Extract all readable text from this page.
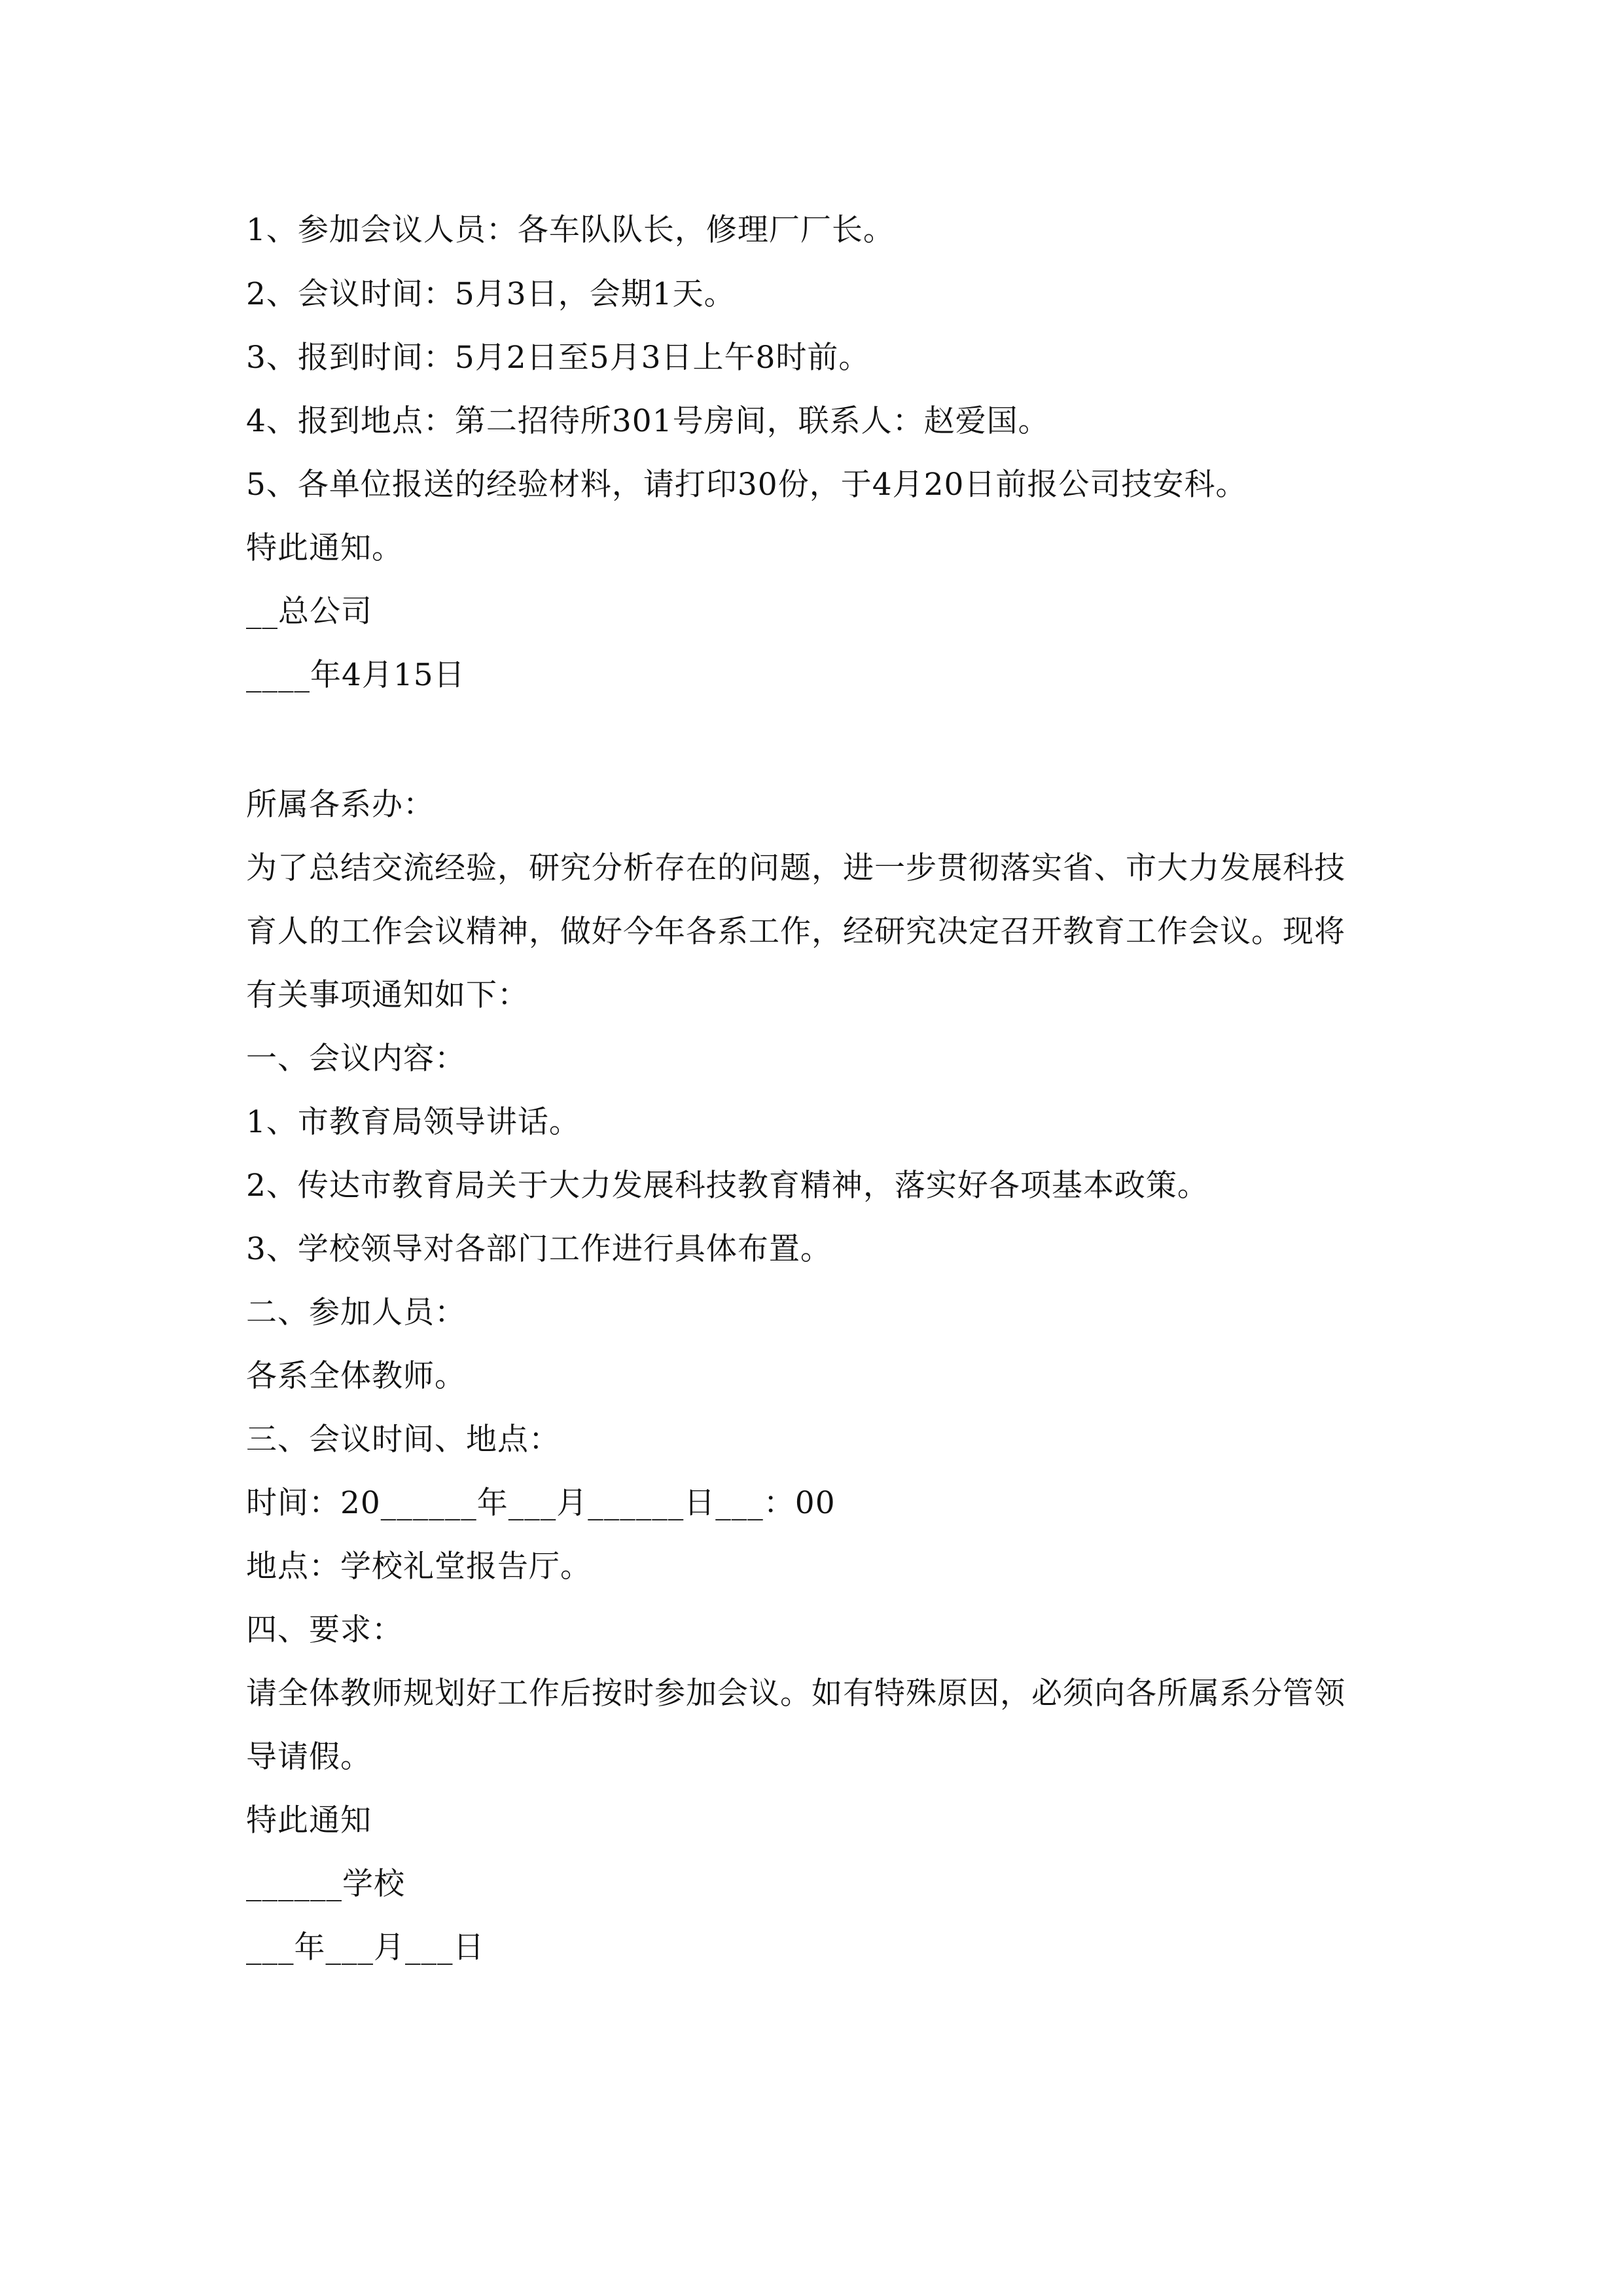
1、参加会议人员：各车队队长，修理厂厂长。
2、会议时间：5月3日，会期1天。
3、报到时间：5月2日至5月3日上午8时前。
4、报到地点：第二招待所301号房间，联系人：赵爱国。
5、各单位报送的经验材料，请打印30份，于4月20日前报公司技安科。
特此通知。
__总公司
____年4月15日
所属各系办：
为了总结交流经验，研究分析存在的问题，进一步贯彻落实省、市大力发展科技
育人的工作会议精神，做好今年各系工作，经研究决定召开教育工作会议。现将
有关事项通知如下：
一、会议内容：
1、市教育局领导讲话。
2、传达市教育局关于大力发展科技教育精神，落实好各项基本政策。
3、学校领导对各部门工作进行具体布置。
二、参加人员：
各系全体教师。
三、会议时间、地点：
时间：20______年___月______日___：00
地点：学校礼堂报告厅。
四、要求：
请全体教师规划好工作后按时参加会议。如有特殊原因，必须向各所属系分管领
导请假。
特此通知
______学校
___年___月___日
